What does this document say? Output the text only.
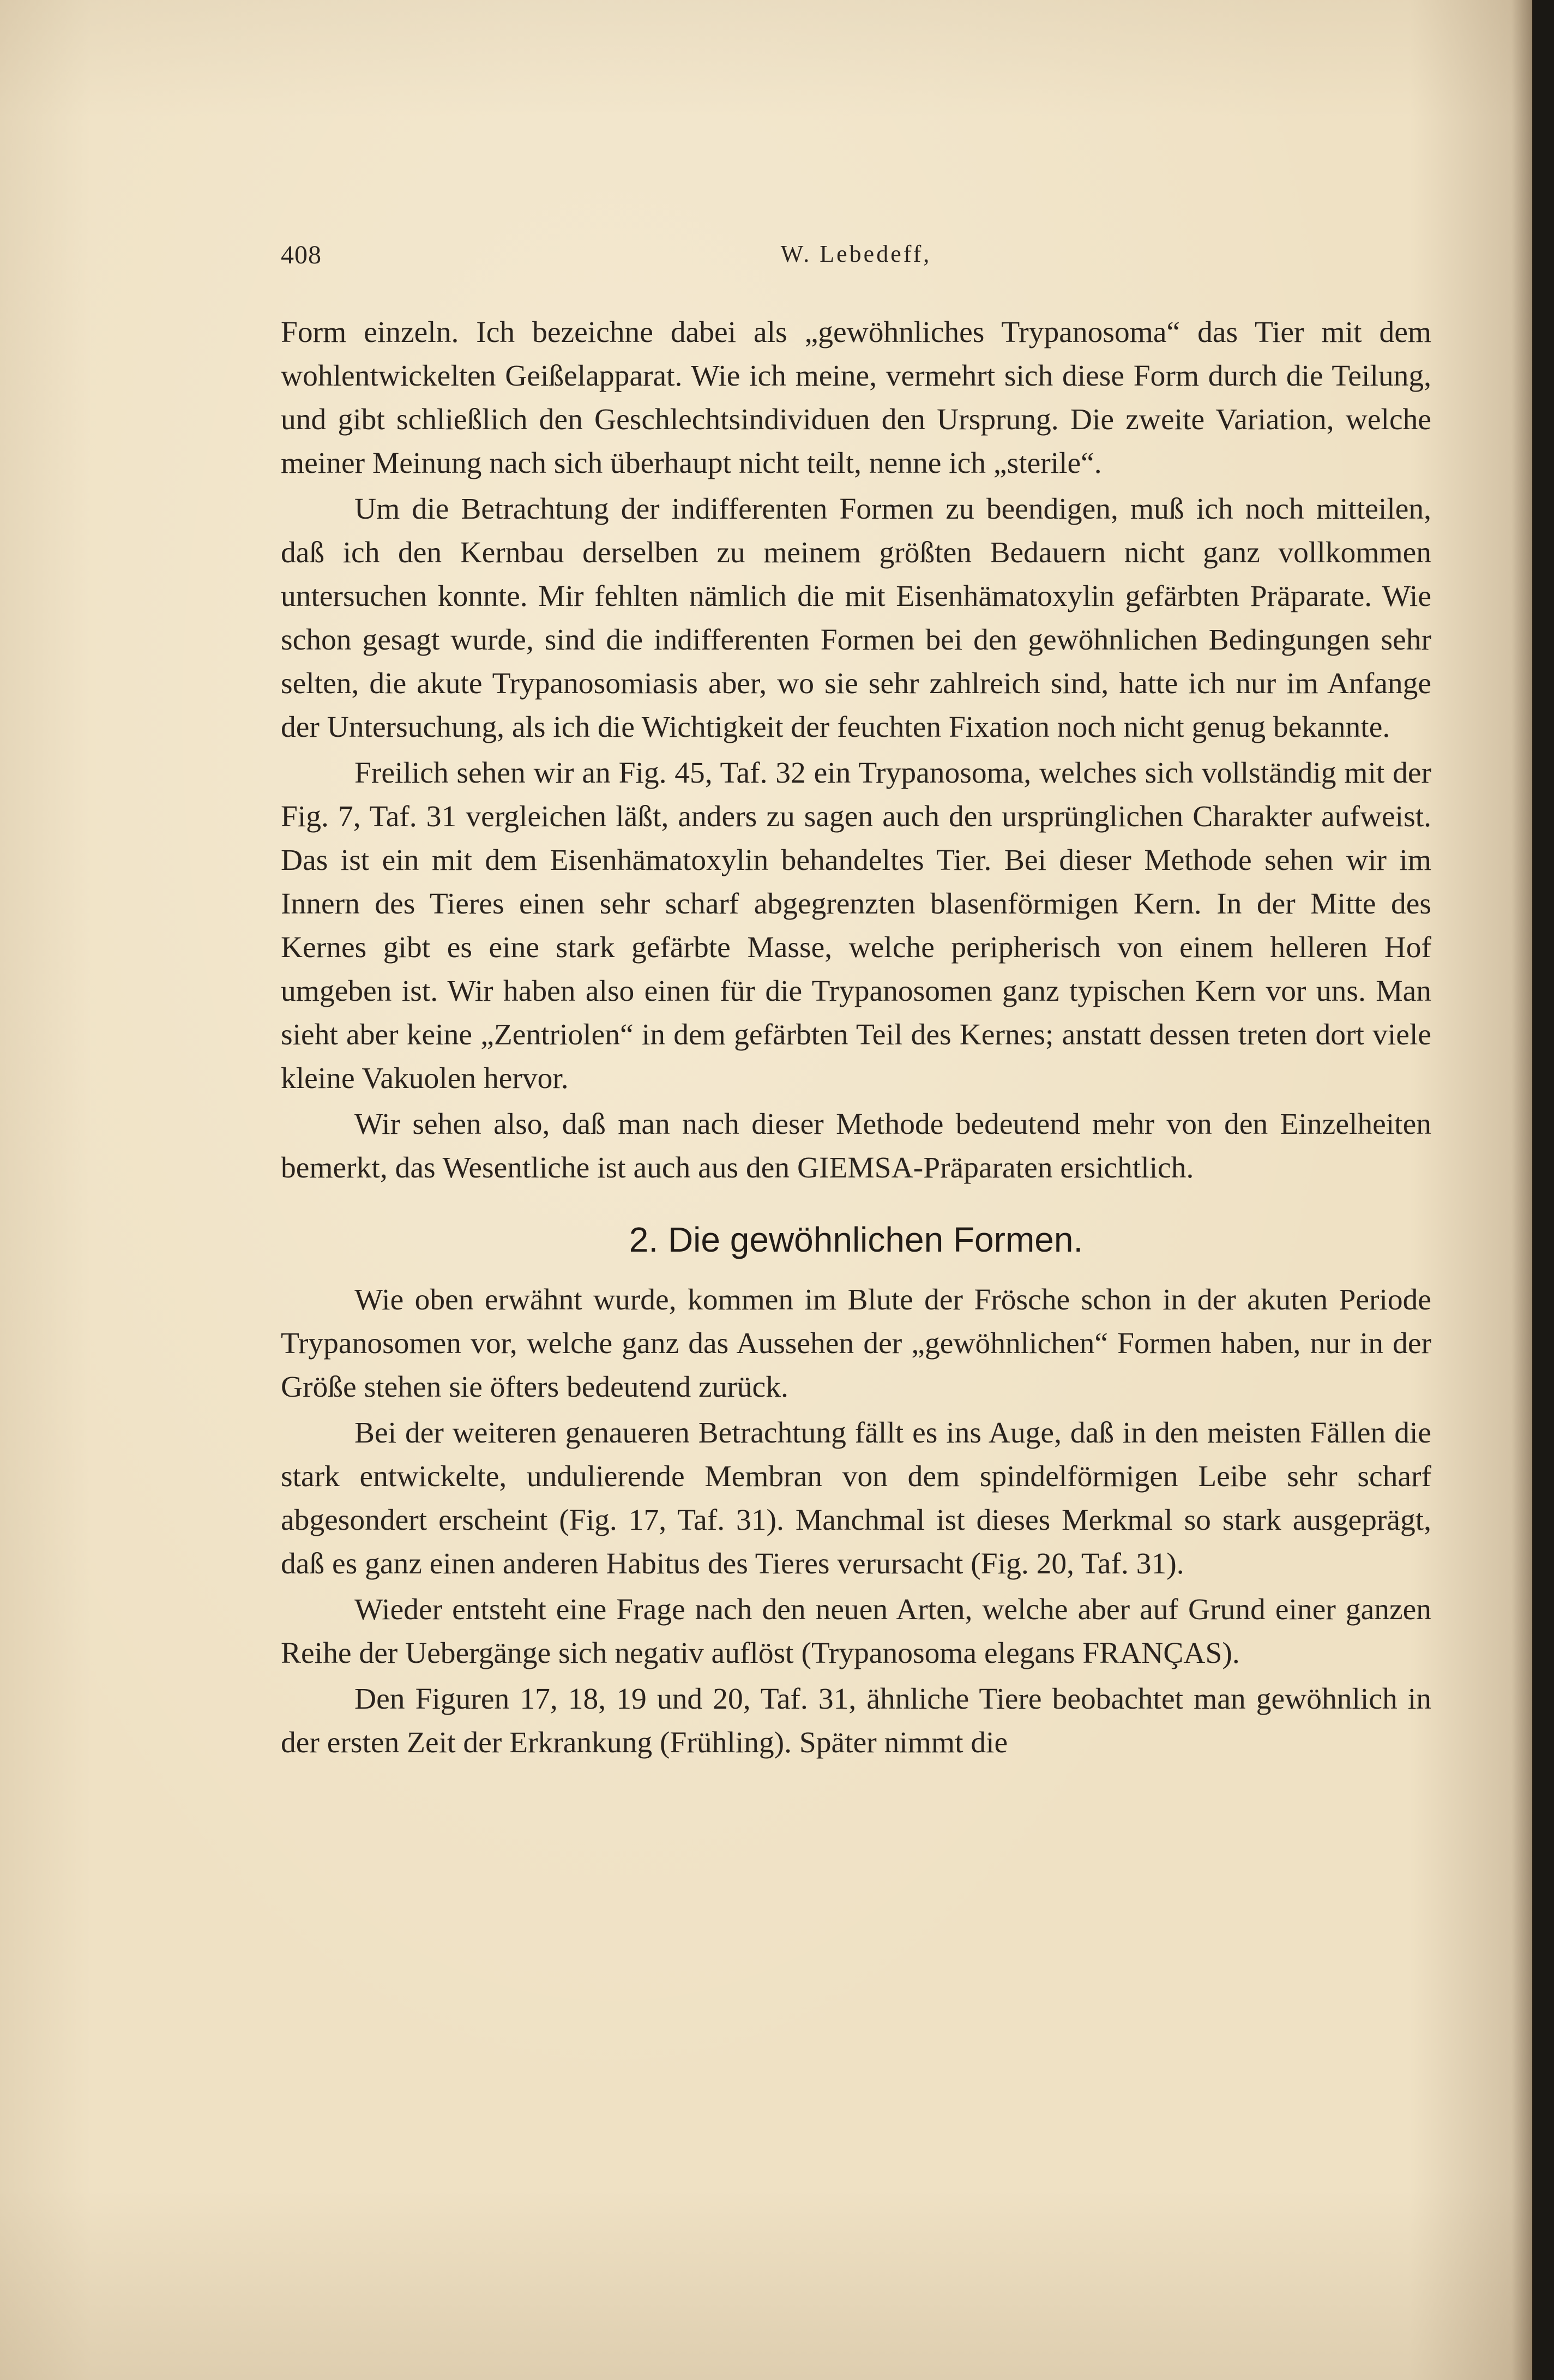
408	W. Lebedeff,

Form einzeln. Ich bezeichne dabei als „gewöhnliches Trypanosoma“ das Tier mit dem wohlentwickelten Geißelapparat. Wie ich meine, vermehrt sich diese Form durch die Teilung, und gibt schließlich den Geschlechtsindividuen den Ursprung. Die zweite Variation, welche meiner Meinung nach sich überhaupt nicht teilt, nenne ich „sterile“.

Um die Betrachtung der indifferenten Formen zu beendigen, muß ich noch mitteilen, daß ich den Kernbau derselben zu meinem größten Bedauern nicht ganz vollkommen untersuchen konnte. Mir fehlten nämlich die mit Eisenhämatoxylin gefärbten Präparate. Wie schon gesagt wurde, sind die indifferenten Formen bei den gewöhnlichen Bedingungen sehr selten, die akute Trypanosomiasis aber, wo sie sehr zahlreich sind, hatte ich nur im Anfange der Untersuchung, als ich die Wichtigkeit der feuchten Fixation noch nicht genug bekannte.

Freilich sehen wir an Fig. 45, Taf. 32 ein Trypanosoma, welches sich vollständig mit der Fig. 7, Taf. 31 vergleichen läßt, anders zu sagen auch den ursprünglichen Charakter aufweist. Das ist ein mit dem Eisenhämatoxylin behandeltes Tier. Bei dieser Methode sehen wir im Innern des Tieres einen sehr scharf abgegrenzten blasenförmigen Kern. In der Mitte des Kernes gibt es eine stark gefärbte Masse, welche peripherisch von einem helleren Hof umgeben ist. Wir haben also einen für die Trypanosomen ganz typischen Kern vor uns. Man sieht aber keine „Zentriolen“ in dem gefärbten Teil des Kernes; anstatt dessen treten dort viele kleine Vakuolen hervor.

Wir sehen also, daß man nach dieser Methode bedeutend mehr von den Einzelheiten bemerkt, das Wesentliche ist auch aus den GIEMSA-Präparaten ersichtlich.

2. Die gewöhnlichen Formen.

Wie oben erwähnt wurde, kommen im Blute der Frösche schon in der akuten Periode Trypanosomen vor, welche ganz das Aussehen der „gewöhnlichen“ Formen haben, nur in der Größe stehen sie öfters bedeutend zurück.

Bei der weiteren genaueren Betrachtung fällt es ins Auge, daß in den meisten Fällen die stark entwickelte, undulierende Membran von dem spindelförmigen Leibe sehr scharf abgesondert erscheint (Fig. 17, Taf. 31). Manchmal ist dieses Merkmal so stark ausgeprägt, daß es ganz einen anderen Habitus des Tieres verursacht (Fig. 20, Taf. 31).

Wieder entsteht eine Frage nach den neuen Arten, welche aber auf Grund einer ganzen Reihe der Uebergänge sich negativ auflöst (Trypanosoma elegans FRANÇAS).

Den Figuren 17, 18, 19 und 20, Taf. 31, ähnliche Tiere beobachtet man gewöhnlich in der ersten Zeit der Erkrankung (Frühling). Später nimmt die
